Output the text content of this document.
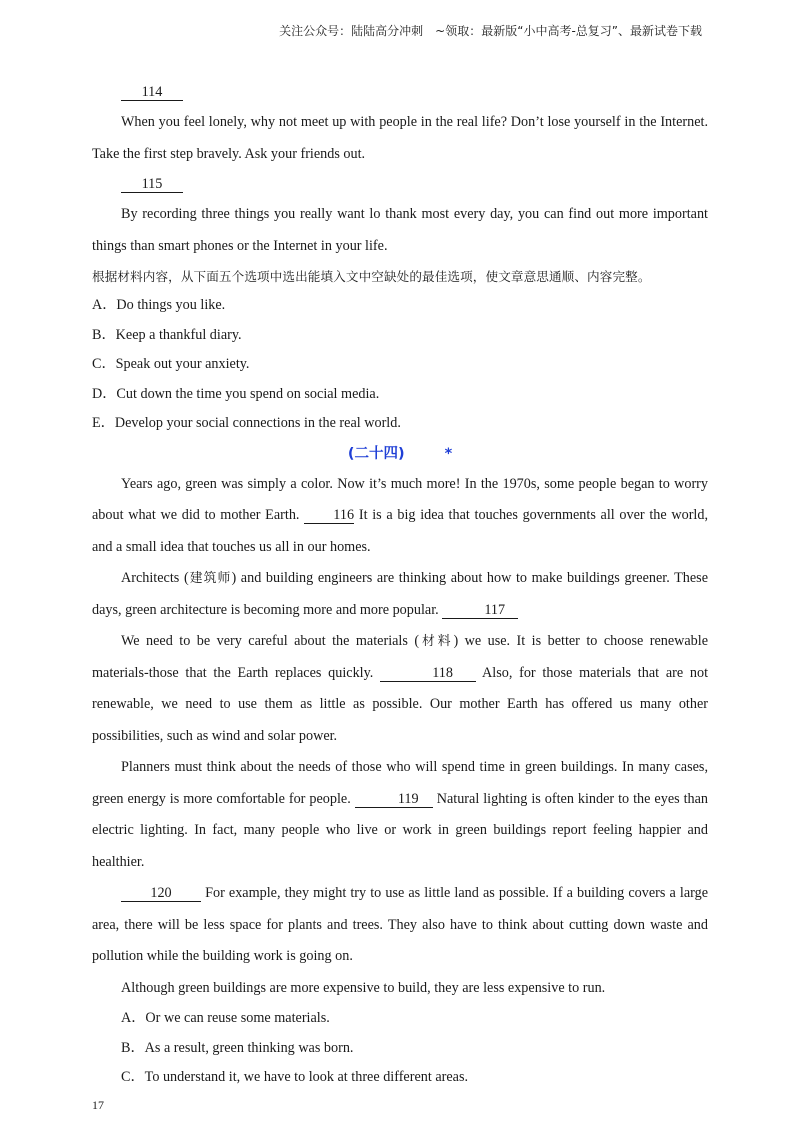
关注公众号：陆陆高分冲刺　~领取：最新版“小中高考-总复习”、最新试卷下载
114

When you feel lonely, why not meet up with people in the real life? Don’t lose yourself in the Internet. Take the first step bravely. Ask your friends out.

115

By recording three things you really want lo thank most every day, you can find out more important things than smart phones or the Internet in your life.

根据材料内容，从下面五个选项中选出能填入文中空缺处的最佳选项，使文章意思通顺、内容完整。

A．Do things you like.

B．Keep a thankful diary.

C．Speak out your anxiety.

D．Cut down the time you spend on social media.

E．Develop your social connections in the real world.

(二十四)	*

Years ago, green was simply a color. Now it’s much more! In the 1970s, some people began to worry about what we did to mother Earth. 116 It is a big idea that touches governments all over the world, and a small idea that touches us all in our homes.

Architects (建筑师) and building engineers are thinking about how to make buildings greener. These days, green architecture is becoming more and more popular.	117

We need to be very careful about the materials (材料) we use. It is better to choose renewable materials-those that the Earth replaces quickly.	118 Also, for those materials that are not renewable, we need to use them as little as possible. Our mother Earth has offered us many other possibilities, such as wind and solar power.

Planners must think about the needs of those who will spend time in green buildings. In many cases, green energy is more comfortable for people.	119 Natural lighting is often kinder to the eyes than electric lighting. In fact, many people who live or work in green buildings report feeling happier and healthier.

120 For example, they might try to use as little land as possible. If a building covers a large area, there will be less space for plants and trees. They also have to think about cutting down waste and pollution while the building work is going on.

Although green buildings are more expensive to build, they are less expensive to run.

A．Or we can reuse some materials.

B．As a result, green thinking was born.

C．To understand it, we have to look at three different areas.

17
